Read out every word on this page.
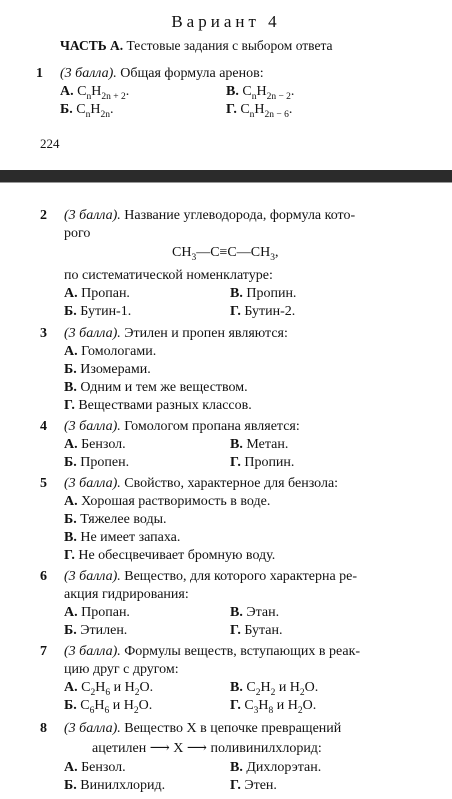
Вариант 4
ЧАСТЬ А. Тестовые задания с выбором ответа
1 (3 балла). Общая формула аренов:
А. $C_nH_{2n + 2}$.	В. $C_nH_{2n - 2}$.
Б. $C_nH_{2n}$.	Г. $C_nH_{2n - 6}$.
224
2 (3 балла). Название углеводорода, формула кото-
рого
$CH_3—C\equiv C—CH_3$,
по систематической номенклатуре:
А. Пропан.	В. Пропин.
Б. Бутин-1.	Г. Бутин-2.
3 (3 балла). Этилен и пропен являются:
А. Гомологами.
Б. Изомерами.
В. Одним и тем же веществом.
Г. Веществами разных классов.
4 (3 балла). Гомологом пропана является:
А. Бензол.	В. Метан.
Б. Пропен.	Г. Пропин.
5 (3 балла). Свойство, характерное для бензола:
А. Хорошая растворимость в воде.
Б. Тяжелее воды.
В. Не имеет запаха.
Г. Не обесцвечивает бромную воду.
6 (3 балла). Вещество, для которого характерна ре-
акция гидрирования:
А. Пропан.	В. Этан.
Б. Этилен.	Г. Бутан.
7 (3 балла). Формулы веществ, вступающих в реак-
цию друг с другом:
А. $C_2H_6$ и $H_2O$.	В. $C_2H_2$ и $H_2O$.
Б. $C_6H_6$ и $H_2O$.	Г. $C_3H_8$ и $H_2O$.
8 (3 балла). Вещество X в цепочке превращений
ацетилен ⟶ X ⟶ поливинилхлорид:
А. Бензол.	В. Дихлорэтан.
Б. Винилхлорид.	Г. Этен.
